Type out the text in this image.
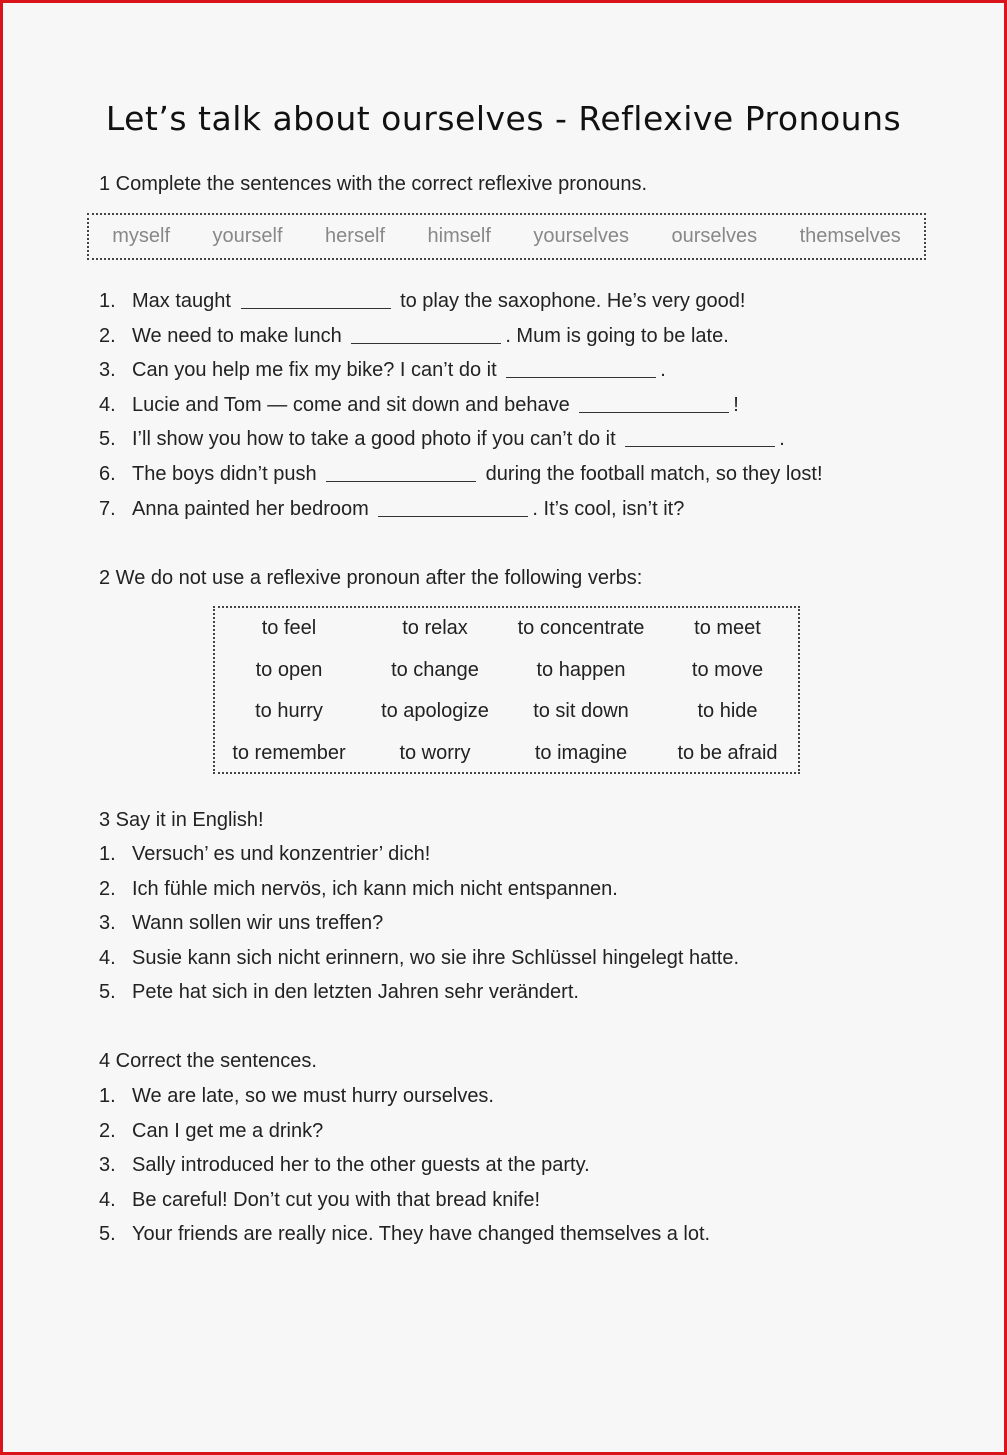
Let’s talk about ourselves - Reflexive Pronouns
1 Complete the sentences with the correct reflexive pronouns.
myself yourself herself himself yourselves ourselves themselves
1. Max taught	to play the saxophone. He’s very good!
2. We need to make lunch	. Mum is going to be late.
3. Can you help me fix my bike? I can’t do it	.
4. Lucie and Tom — come and sit down and behave	!
5. I’ll show you how to take a good photo if you can’t do it	.
6. The boys didn’t push	during the football match, so they lost!
7. Anna painted her bedroom	. It’s cool, isn’t it?
2 We do not use a reflexive pronoun after the following verbs:
to feel	to relax	to concentrate	to meet
to open	to change	to happen	to move
to hurry	to apologize	to sit down	to hide
to remember	to worry	to imagine	to be afraid
3 Say it in English!
1. Versuch’ es und konzentrier’ dich!
2. Ich fühle mich nervös, ich kann mich nicht entspannen.
3. Wann sollen wir uns treffen?
4. Susie kann sich nicht erinnern, wo sie ihre Schlüssel hingelegt hatte.
5. Pete hat sich in den letzten Jahren sehr verändert.
4 Correct the sentences.
1. We are late, so we must hurry ourselves.
2. Can I get me a drink?
3. Sally introduced her to the other guests at the party.
4. Be careful! Don’t cut you with that bread knife!
5. Your friends are really nice. They have changed themselves a lot.
